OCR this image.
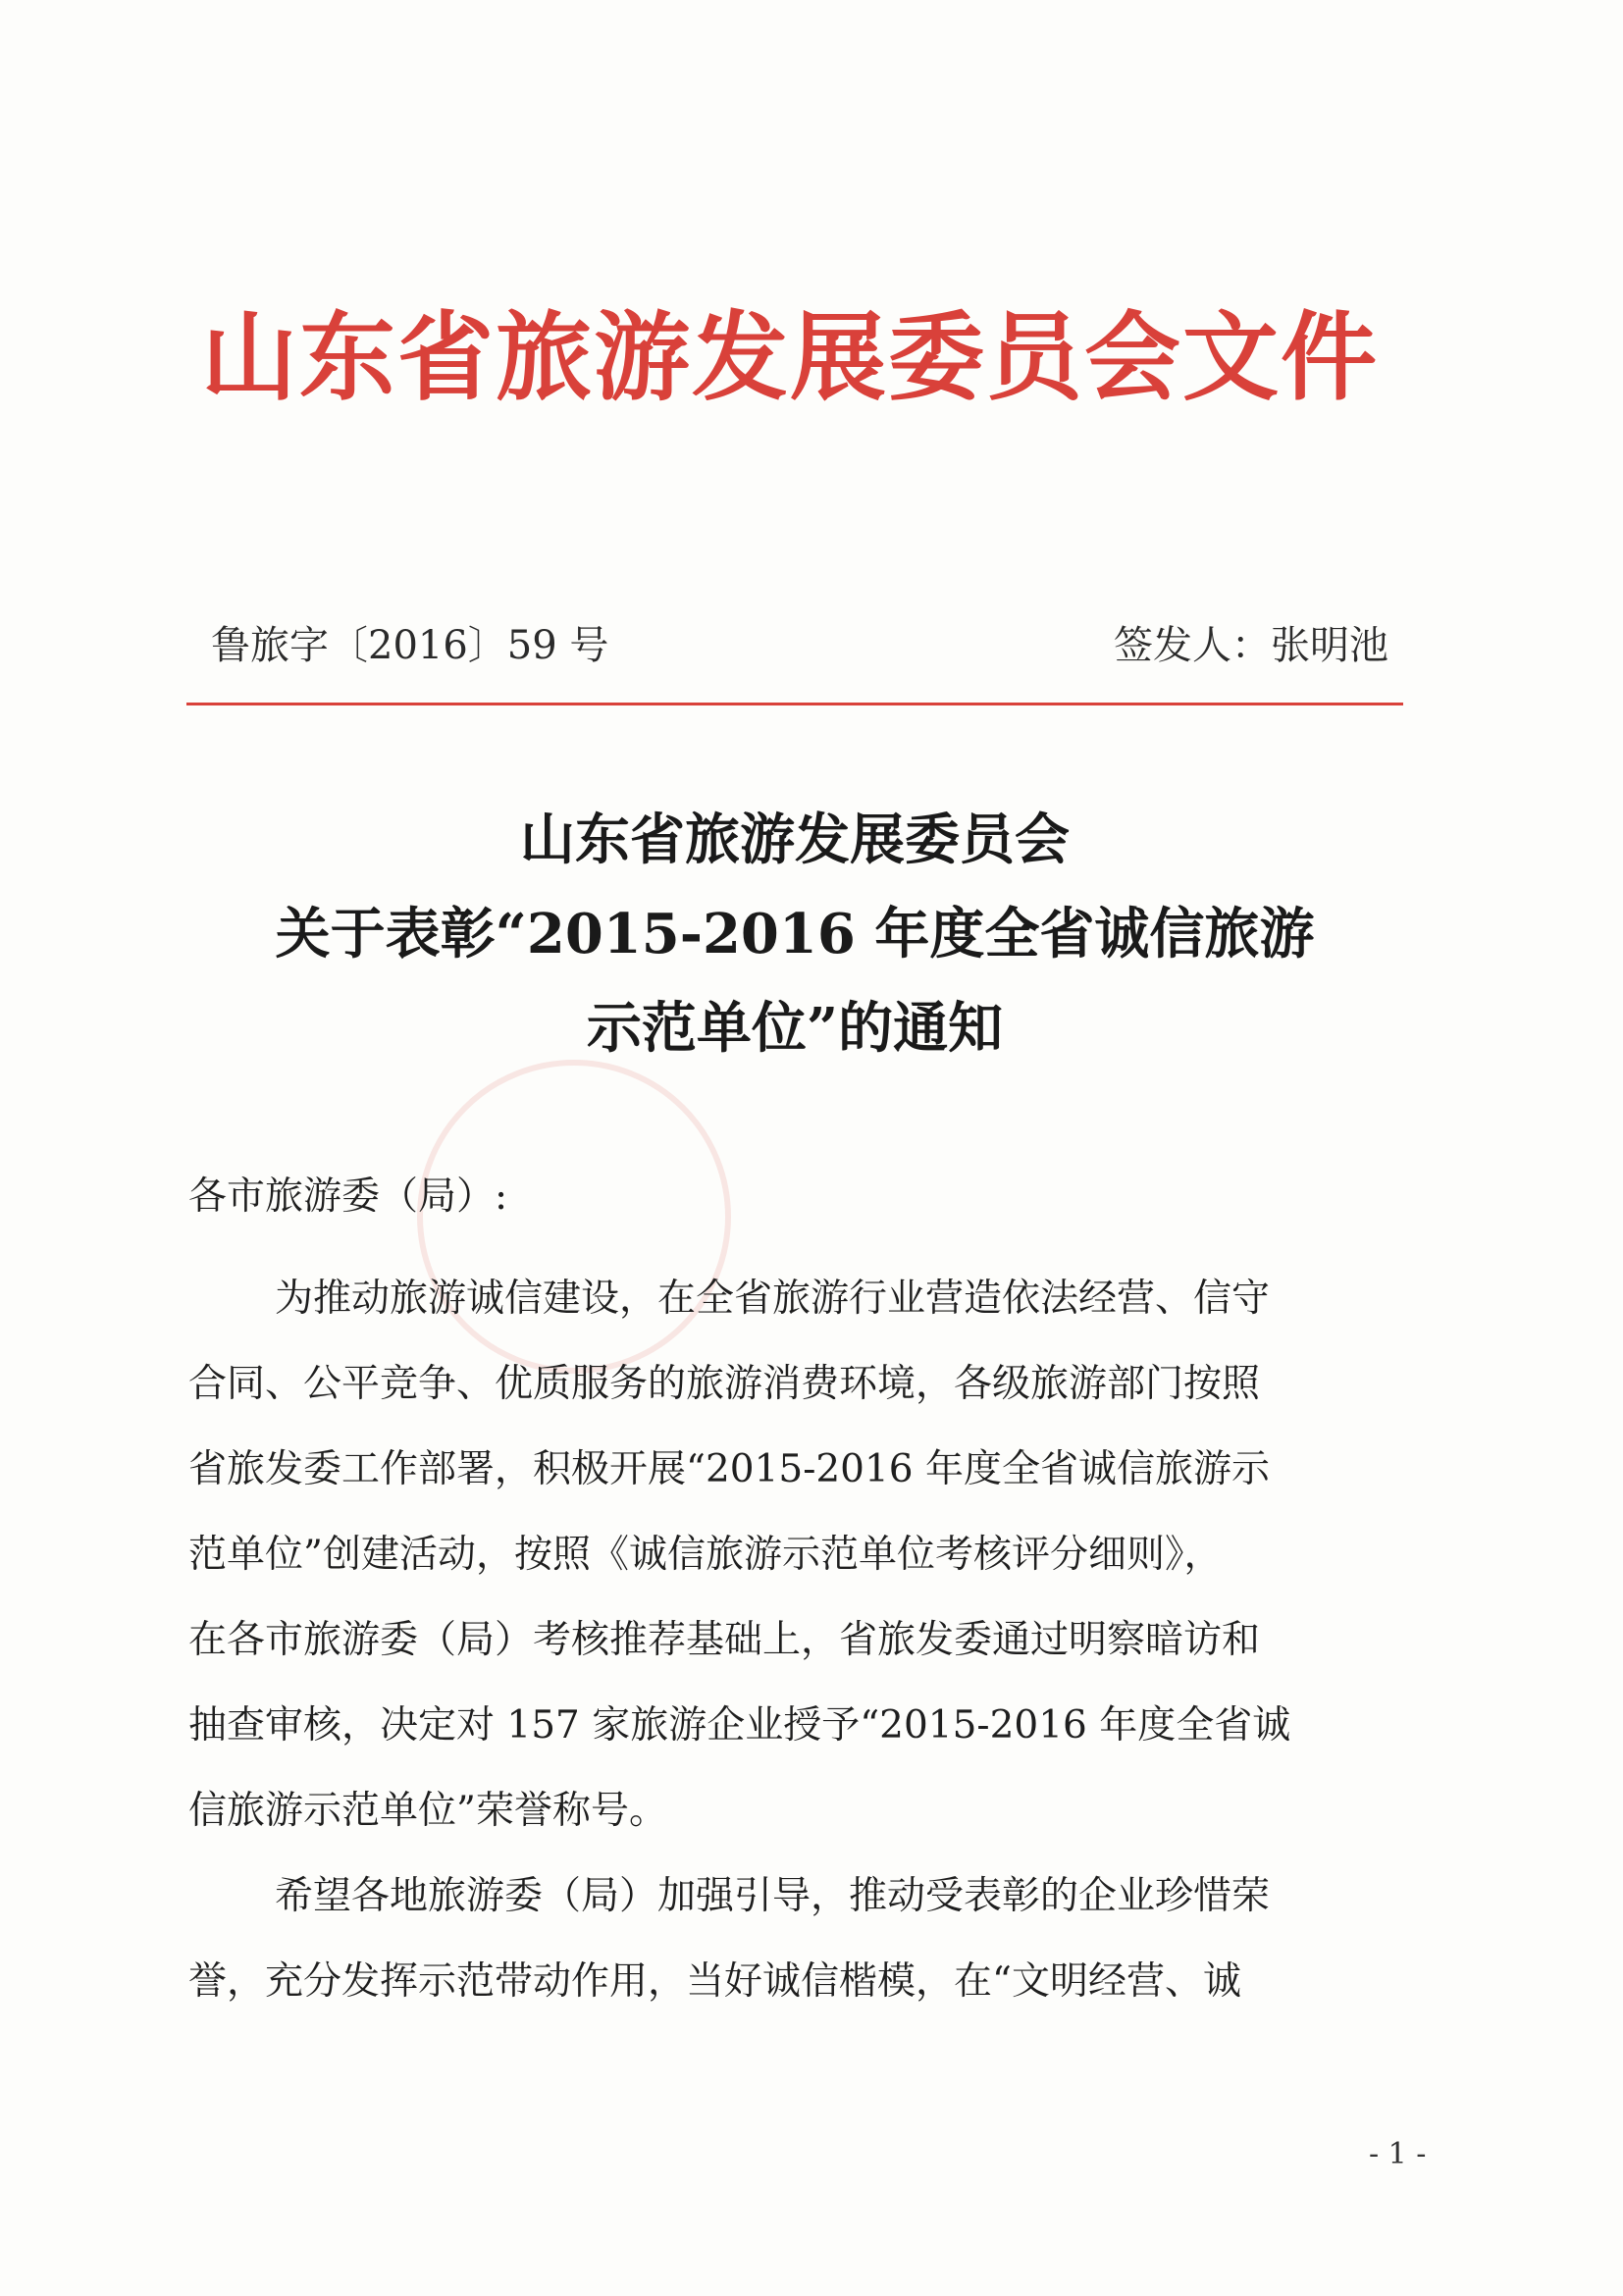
山东省旅游发展委员会文件
鲁旅字〔2016〕59 号	签发人：张明池
山东省旅游发展委员会
关于表彰“2015-2016 年度全省诚信旅游
示范单位”的通知
各市旅游委（局）:
为推动旅游诚信建设，在全省旅游行业营造依法经营、信守
合同、公平竞争、优质服务的旅游消费环境，各级旅游部门按照
省旅发委工作部署，积极开展“2015-2016 年度全省诚信旅游示
范单位”创建活动，按照《诚信旅游示范单位考核评分细则》，
在各市旅游委（局）考核推荐基础上，省旅发委通过明察暗访和
抽查审核，决定对 157 家旅游企业授予“2015-2016 年度全省诚
信旅游示范单位”荣誉称号。
希望各地旅游委（局）加强引导，推动受表彰的企业珍惜荣
誉，充分发挥示范带动作用，当好诚信楷模，在“文明经营、诚
- 1 -
